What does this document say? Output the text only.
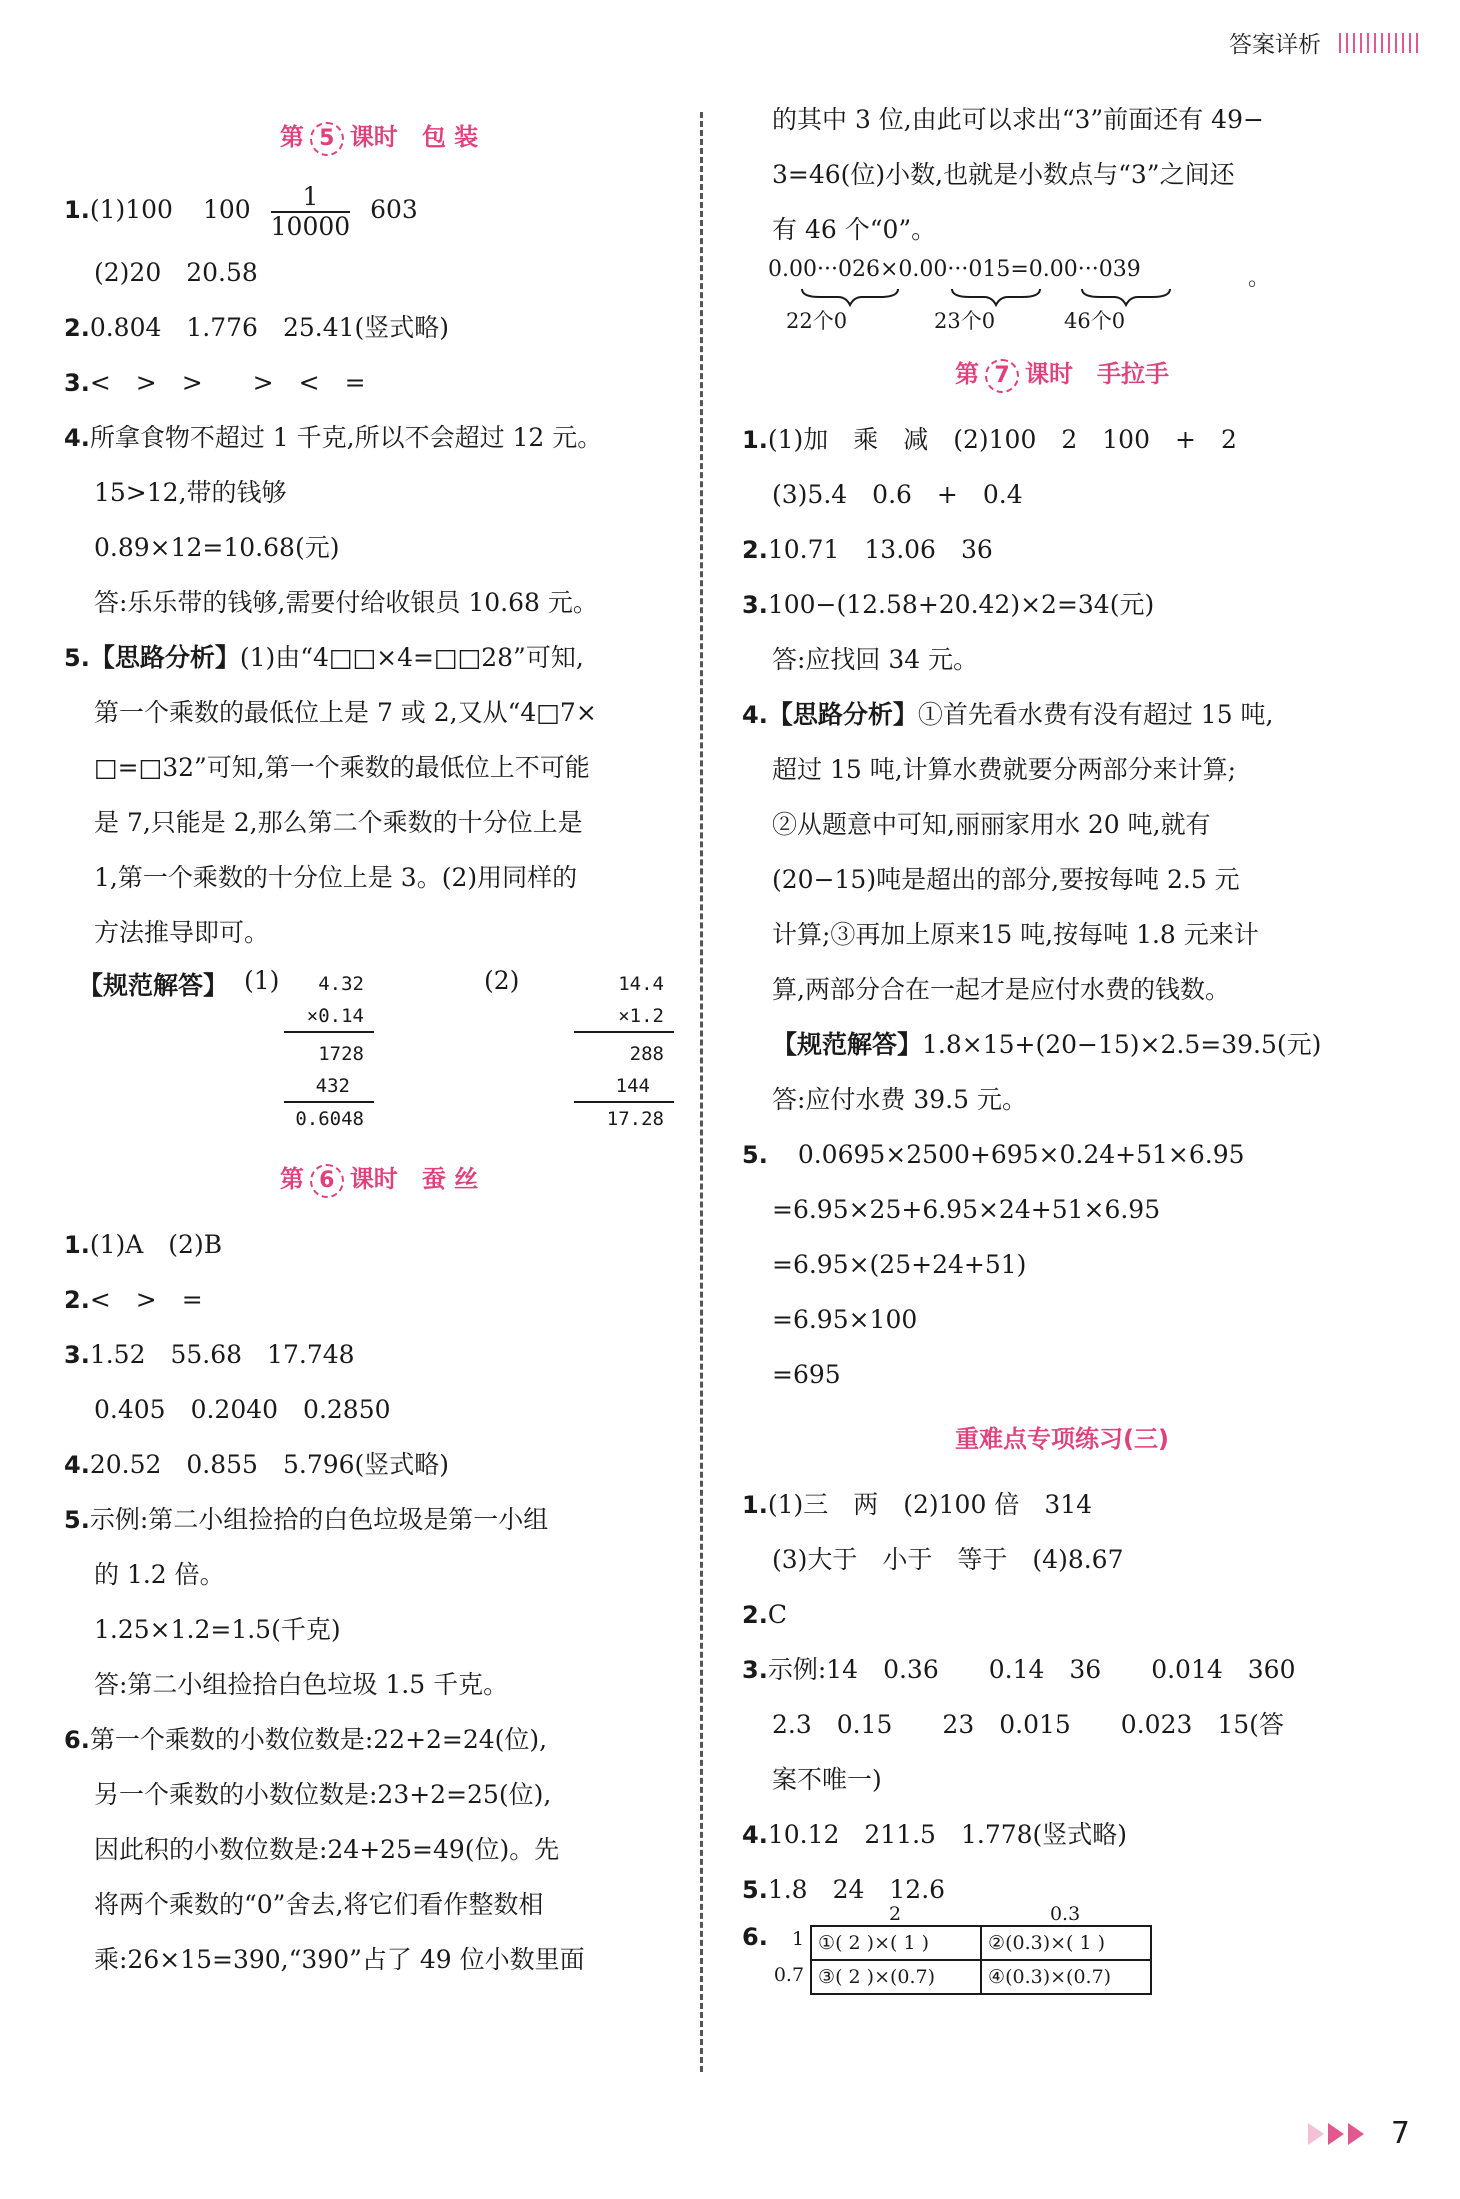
答案详析
第 5 课时　 包 装
1.(1)100 $100 \frac{1}{10000} 603$
(2)20　20.58
2.0.804　1.776　25.41(竖式略)
3.<　>　>　　>　<　=
4.所拿食物不超过 1 千克,所以不会超过 12 元。
15>12,带的钱够
0.89×12=10.68(元)
答:乐乐带的钱够,需要付给收银员 10.68 元。
5.【思路分析】(1)由“4□□×4=□□28”可知,
第一个乘数的最低位上是 7 或 2,又从“4□7×
□=□32”可知,第一个乘数的最低位上不可能
是 7,只能是 2,那么第二个乘数的十分位上是
1,第一个乘数的十分位上是 3。(2)用同样的
方法推导即可。
【规范解答】 (1)	(2)
4.32
×0.14
1728
432
0.6048
14.4
×1.2
288
144
17.28
第 6 课时　 蚕 丝
1.(1)A　(2)B
2.<　>　=
3.1.52　55.68　17.748
0.405　0.2040　0.2850
4.20.52　0.855　5.796(竖式略)
5.示例:第二小组捡拾的白色垃圾是第一小组
的 1.2 倍。
1.25×1.2=1.5(千克)
答:第二小组捡拾白色垃圾 1.5 千克。
6.第一个乘数的小数位数是:22+2=24(位),
另一个乘数的小数位数是:23+2=25(位),
因此积的小数位数是:24+25=49(位)。先
将两个乘数的“0”舍去,将它们看作整数相
乘:26×15=390,“390”占了 49 位小数里面
的其中 3 位,由此可以求出“3”前面还有 49−
3=46(位)小数,也就是小数点与“3”之间还
有 46 个“0”。
0.00···026×0.00···015=0.00···039	。
22个0	23个0	46个0
第 7 课时　 手拉手
1.(1)加　乘　减　(2)100　2　100　+　2
(3)5.4　0.6　+　0.4
2.10.71　13.06　36
3.100−(12.58+20.42)×2=34(元)
答:应找回 34 元。
4.【思路分析】①首先看水费有没有超过 15 吨,
超过 15 吨,计算水费就要分两部分来计算;
②从题意中可知,丽丽家用水 20 吨,就有
(20−15)吨是超出的部分,要按每吨 2.5 元
计算;③再加上原来15 吨,按每吨 1.8 元来计
算,两部分合在一起才是应付水费的钱数。
【规范解答】1.8×15+(20−15)×2.5=39.5(元)
答:应付水费 39.5 元。
5. 0.0695×2500+695×0.24+51×6.95
=6.95×25+6.95×24+51×6.95
=6.95×(25+24+51)
=6.95×100
=695
重难点专项练习(三)
1.(1)三　两　(2)100 倍　314
(3)大于　小于　等于　(4)8.67
2.C
3.示例:14　0.36　　0.14　36　　0.014　360
2.3　0.15　　23　0.015　　0.023　15(答
案不唯一)
4.10.12　211.5　1.778(竖式略)
5.1.8　24　12.6
6.	1
0.7
2	0.3
①( 2 )×( 1 )	②(0.3)×( 1 )
③( 2 )×(0.7)	④(0.3)×(0.7)
7
